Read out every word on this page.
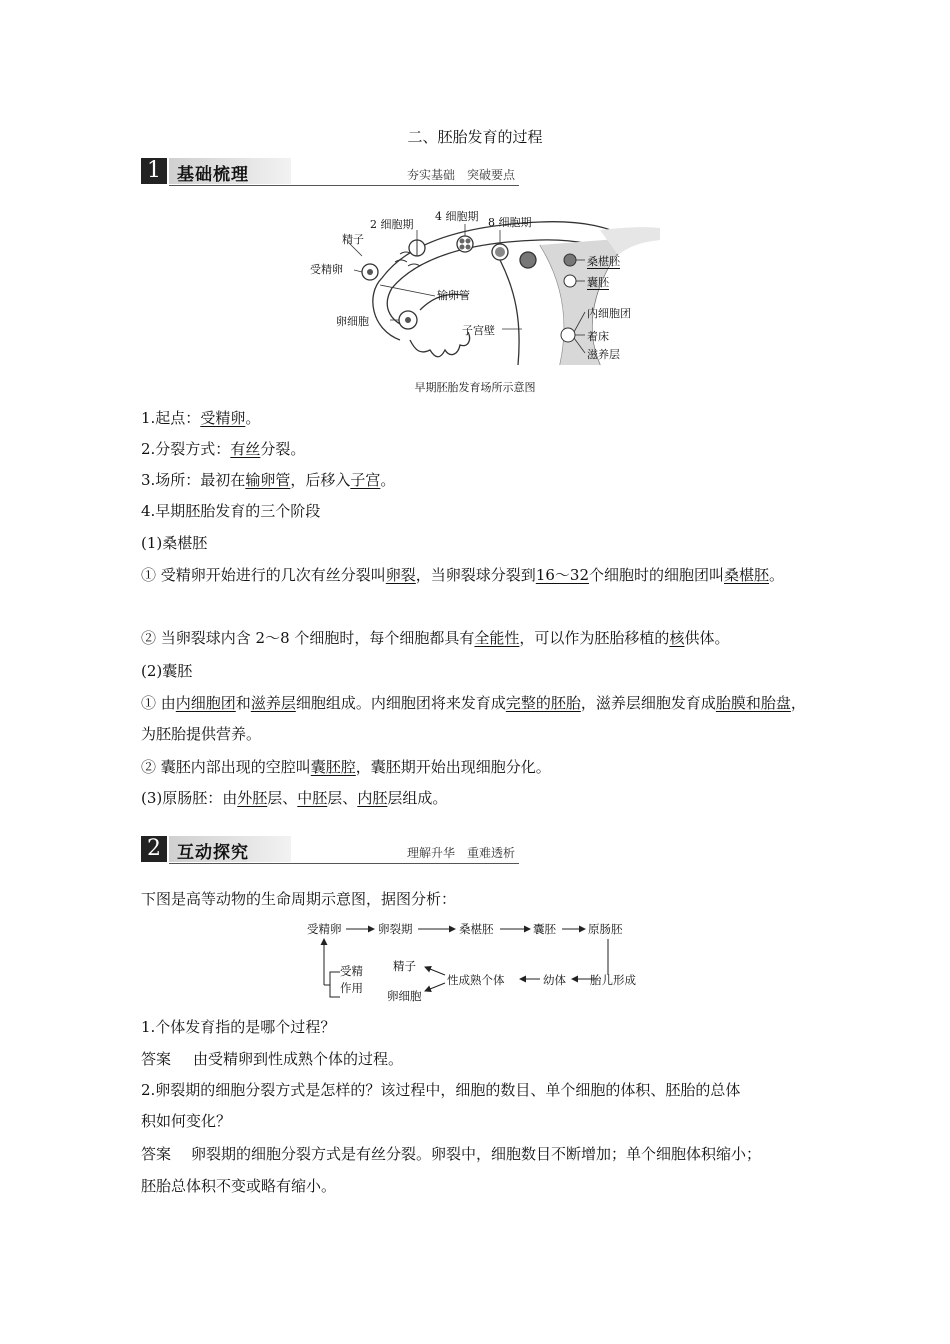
二、胚胎发育的过程
1 基础梳理	夯实基础　突破要点
精子
受精卵
卵细胞
输卵管
2 细胞期
4 细胞期 8 细胞期
桑椹胚
囊胚
子宫壁
内细胞团
着床
滋养层
早期胚胎发育场所示意图
1.起点：受精卵。
2.分裂方式：有丝分裂。
3.场所：最初在输卵管，后移入子宫。
4.早期胚胎发育的三个阶段
(1)桑椹胚
① 受精卵开始进行的几次有丝分裂叫卵裂，当卵裂球分裂到16～32个细胞时的细胞团叫桑椹胚。
② 当卵裂球内含 2～8 个细胞时，每个细胞都具有全能性，可以作为胚胎移植的核供体。
(2)囊胚
① 由内细胞团和滋养层细胞组成。内细胞团将来发育成完整的胚胎，滋养层细胞发育成胎膜和胎盘，为胚胎提供营养。
② 囊胚内部出现的空腔叫囊胚腔，囊胚期开始出现细胞分化。
(3)原肠胚：由外胚层、中胚层、内胚层组成。
2 互动探究	理解升华　重难透析
下图是高等动物的生命周期示意图，据图分析：
受精卵	卵裂期	桑椹胚	囊胚	原肠胚
胎儿形成
幼体
性成熟个体
精子
卵细胞
受精
作用
1.个体发育指的是哪个过程？
答案 由受精卵到性成熟个体的过程。
2.卵裂期的细胞分裂方式是怎样的？该过程中，细胞的数目、单个细胞的体积、胚胎的总体
积如何变化？
答案 卵裂期的细胞分裂方式是有丝分裂。卵裂中，细胞数目不断增加；单个细胞体积缩小；
胚胎总体积不变或略有缩小。
